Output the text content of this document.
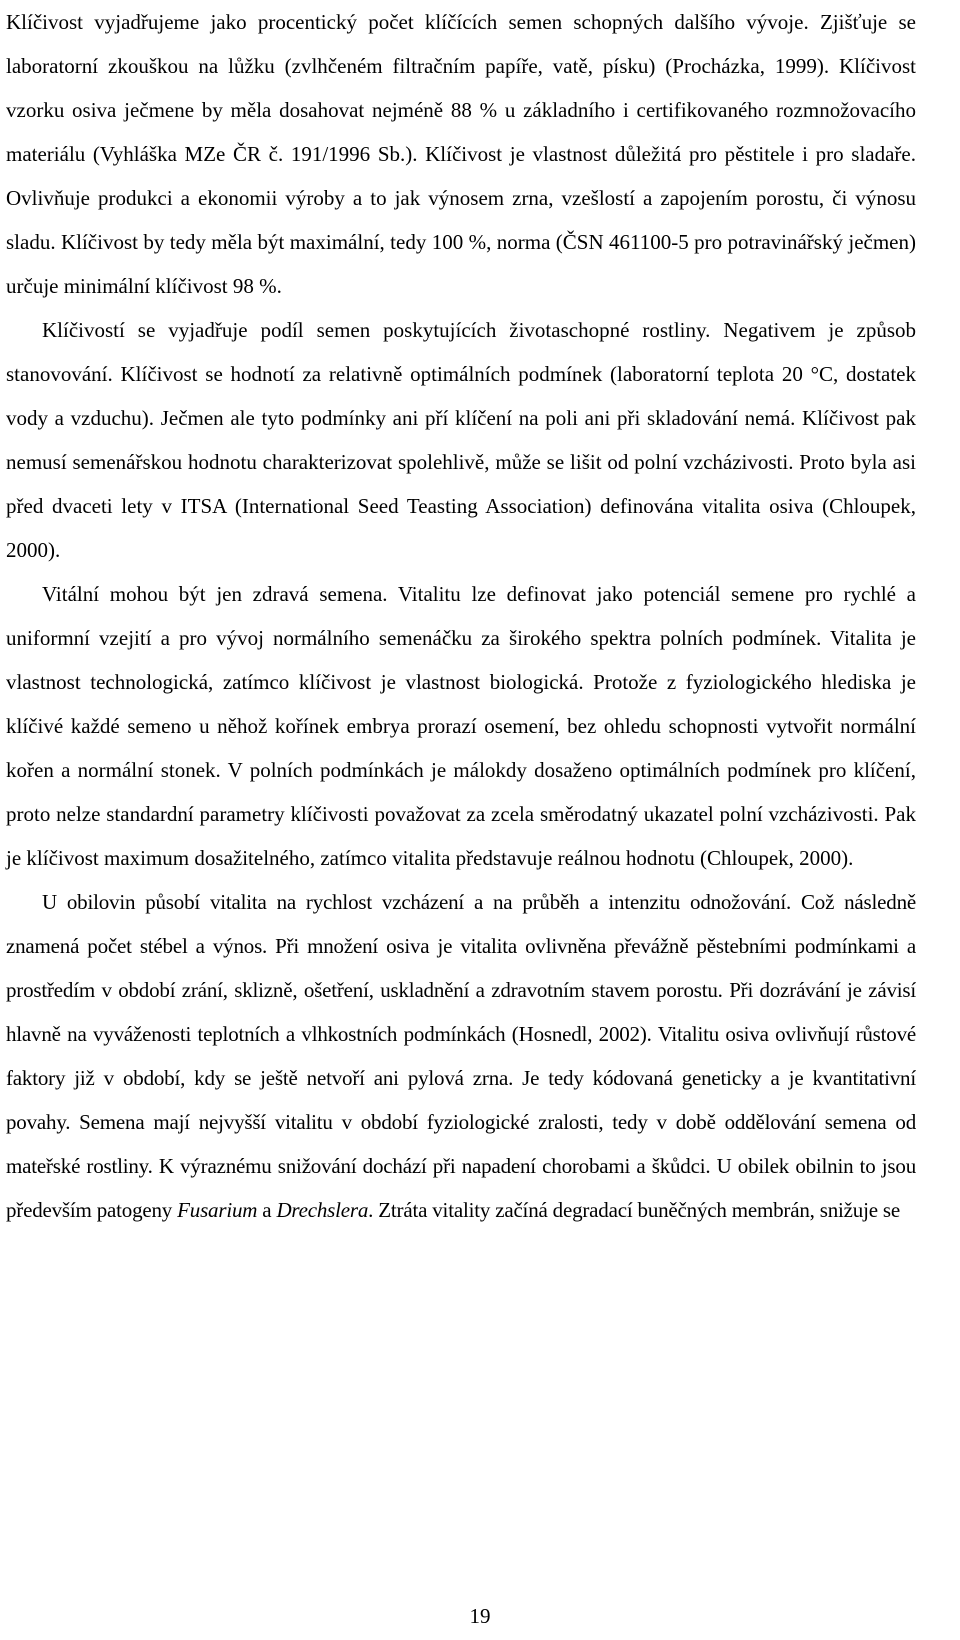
Klíčivost vyjadřujeme jako procentický počet klíčících semen schopných dalšího vývoje. Zjišťuje se laboratorní zkouškou na lůžku (zvlhčeném filtračním papíře, vatě, písku) (Procházka, 1999). Klíčivost vzorku osiva ječmene by měla dosahovat nejméně 88 % u základního i certifikovaného rozmnožovacího materiálu (Vyhláška MZe ČR č. 191/1996 Sb.). Klíčivost je vlastnost důležitá pro pěstitele i pro sladaře. Ovlivňuje produkci a ekonomii výroby a to jak výnosem zrna, vzešlostí a zapojením porostu, či výnosu sladu. Klíčivost by tedy měla být maximální, tedy 100 %, norma (ČSN 461100-5 pro potravinářský ječmen) určuje minimální klíčivost 98 %.

Klíčivostí se vyjadřuje podíl semen poskytujících životaschopné rostliny. Negativem je způsob stanovování. Klíčivost se hodnotí za relativně optimálních podmínek (laboratorní teplota 20 °C, dostatek vody a vzduchu). Ječmen ale tyto podmínky ani pří klíčení na poli ani při skladování nemá. Klíčivost pak nemusí semenářskou hodnotu charakterizovat spolehlivě, může se lišit od polní vzcházivosti. Proto byla asi před dvaceti lety v ITSA (International Seed Teasting Association) definována vitalita osiva (Chloupek, 2000).

Vitální mohou být jen zdravá semena. Vitalitu lze definovat jako potenciál semene pro rychlé a uniformní vzejití a pro vývoj normálního semenáčku za širokého spektra polních podmínek. Vitalita je vlastnost technologická, zatímco klíčivost je vlastnost biologická. Protože z fyziologického hlediska je klíčivé každé semeno u něhož kořínek embrya prorazí osemení, bez ohledu schopnosti vytvořit normální kořen a normální stonek. V polních podmínkách je málokdy dosaženo optimálních podmínek pro klíčení, proto nelze standardní parametry klíčivosti považovat za zcela směrodatný ukazatel polní vzcházivosti. Pak je klíčivost maximum dosažitelného, zatímco vitalita představuje reálnou hodnotu (Chloupek, 2000).

U obilovin působí vitalita na rychlost vzcházení a na průběh a intenzitu odnožování. Což následně znamená počet stébel a výnos. Při množení osiva je vitalita ovlivněna převážně pěstebními podmínkami a prostředím v období zrání, sklizně, ošetření, uskladnění a zdravotním stavem porostu. Při dozrávání je závisí hlavně na vyváženosti teplotních a vlhkostních podmínkách (Hosnedl, 2002). Vitalitu osiva ovlivňují růstové faktory již v období, kdy se ještě netvoří ani pylová zrna. Je tedy kódovaná geneticky a je kvantitativní povahy. Semena mají nejvyšší vitalitu v období fyziologické zralosti, tedy v době oddělování semena od mateřské rostliny. K výraznému snižování dochází při napadení chorobami a škůdci. U obilek obilnin to jsou především patogeny Fusarium a Drechslera. Ztráta vitality začíná degradací buněčných membrán, snižuje se

19
